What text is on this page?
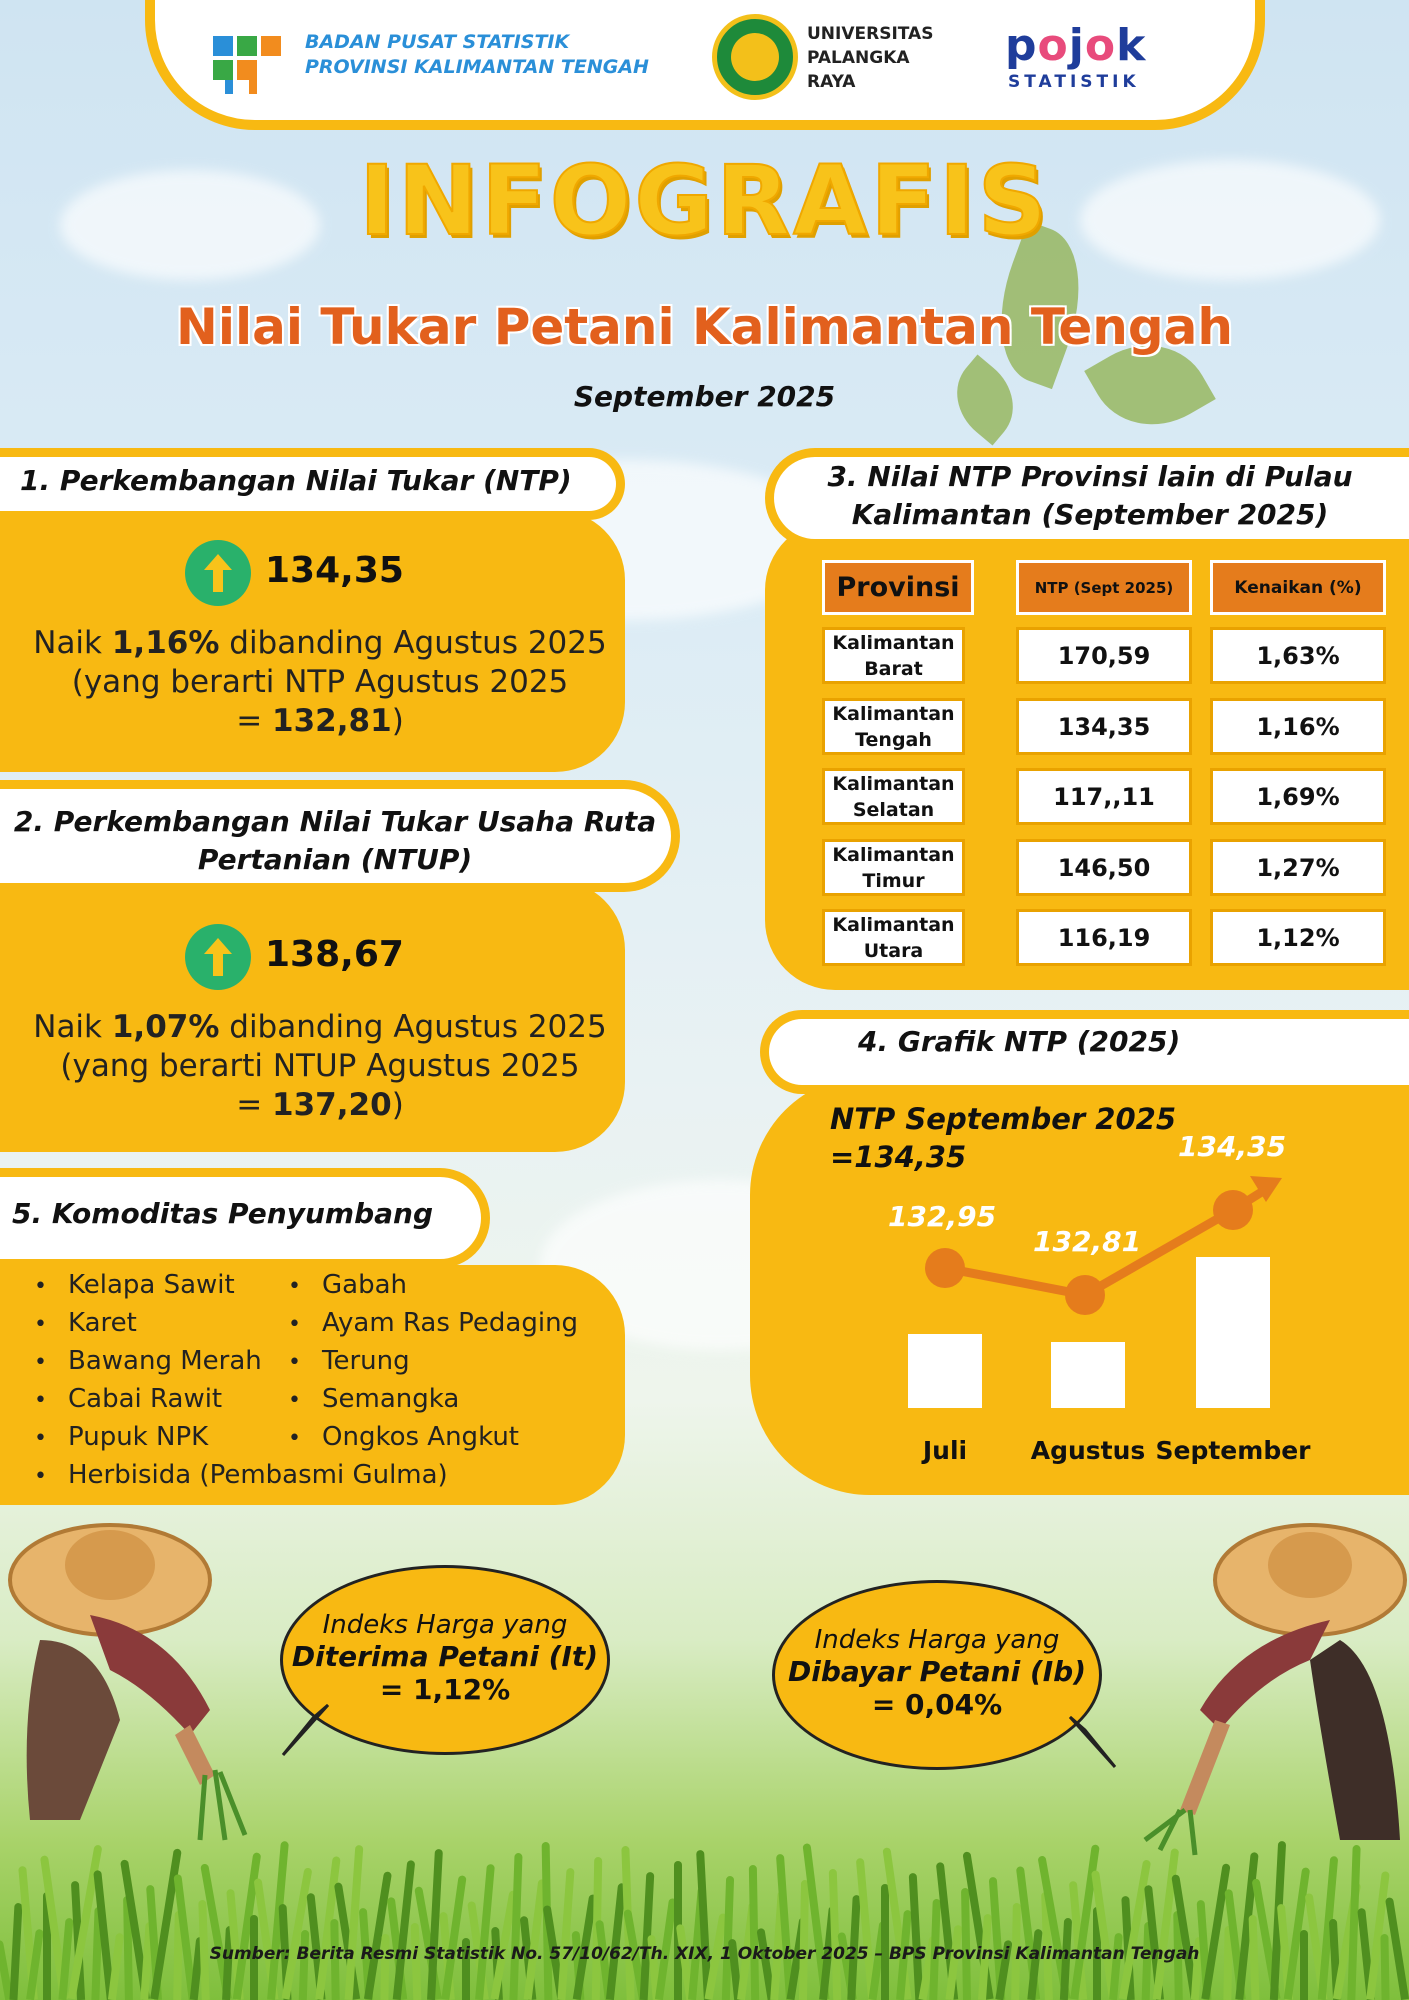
BADAN PUSAT STATISTIK
PROVINSI KALIMANTAN TENGAH
UNIVERSITAS
PALANGKA
RAYA
pojok
STATISTIK
INFOGRAFIS
Nilai Tukar Petani Kalimantan Tengah
September 2025
1. Perkembangan Nilai Tukar (NTP)
134,35
Naik 1,16% dibanding Agustus 2025
(yang berarti NTP Agustus 2025
= 132,81)
2. Perkembangan Nilai Tukar Usaha Ruta
Pertanian (NTUP)
138,67
Naik 1,07% dibanding Agustus 2025
(yang berarti NTUP Agustus 2025
= 137,20)
5. Komoditas Penyumbang
• Kelapa Sawit
• Karet
• Bawang Merah
• Cabai Rawit
• Pupuk NPK
• Herbisida (Pembasmi Gulma)
• Gabah
• Ayam Ras Pedaging
• Terung
• Semangka
• Ongkos Angkut
3. Nilai NTP Provinsi lain di Pulau
Kalimantan (September 2025)
Provinsi	NTP (Sept 2025)	Kenaikan (%)
Kalimantan
Barat	170,59	1,63%
Kalimantan
Tengah	134,35	1,16%
Kalimantan
Selatan	117,,11	1,69%
Kalimantan
Timur	146,50	1,27%
Kalimantan
Utara	116,19	1,12%
4. Grafik NTP (2025)
NTP September 2025
=134,35
Juli	Agustus September
132,95
132,81
134,35
Indeks Harga yang
Diterima Petani (It)
= 1,12%
Indeks Harga yang
Dibayar Petani (Ib)
= 0,04%
Sumber: Berita Resmi Statistik No. 57/10/62/Th. XIX, 1 Oktober 2025 – BPS Provinsi Kalimantan Tengah
